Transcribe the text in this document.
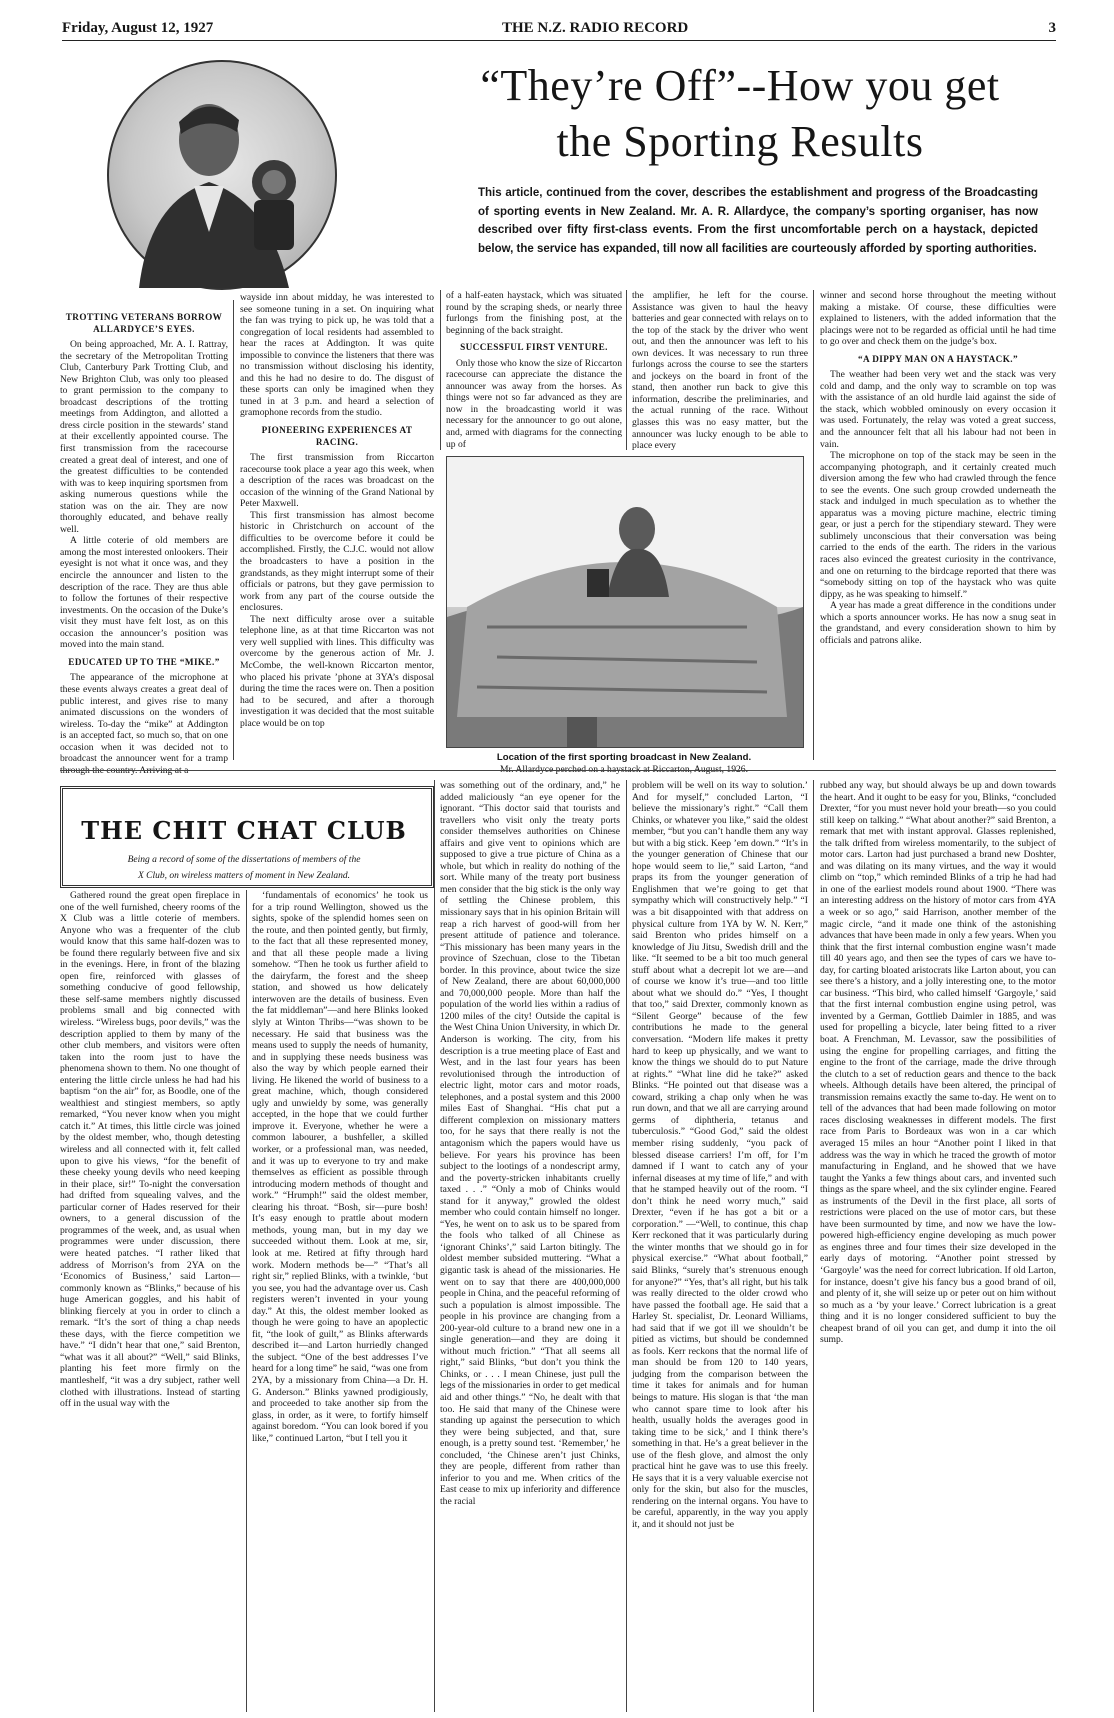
Friday, August 12, 1927	THE N.Z. RADIO RECORD	3
“They’re Off”--How you get
the Sporting Results
This article, continued from the cover, describes the establishment and progress of the Broadcasting of sporting events in New Zealand. Mr. A. R. Allardyce, the company’s sporting organiser, has now described over fifty first-class events. From the first uncomfortable perch on a haystack, depicted below, the service has expanded, till now all facilities are courteously afforded by sporting authorities.

TROTTING VETERANS BORROW ALLARDYCE’S EYES.

On being approached, Mr. A. I. Rattray, the secretary of the Metropolitan Trotting Club, Canterbury Park Trotting Club, and New Brighton Club, was only too pleased to grant permission to the company to broadcast descriptions of the trotting meetings from Addington, and allotted a dress circle position in the stewards’ stand at their excellently appointed course. The first transmission from the racecourse created a great deal of interest, and one of the greatest difficulties to be contended with was to keep inquiring sportsmen from asking numerous questions while the station was on the air. They are now thoroughly educated, and behave really well.

A little coterie of old members are among the most interested onlookers. Their eyesight is not what it once was, and they encircle the announcer and listen to the description of the race. They are thus able to follow the fortunes of their respective investments. On the occasion of the Duke’s visit they must have felt lost, as on this occasion the announcer’s position was moved into the main stand.

EDUCATED UP TO THE “MIKE.”

The appearance of the microphone at these events always creates a great deal of public interest, and gives rise to many animated discussions on the wonders of wireless. To-day the “mike” at Addington is an accepted fact, so much so, that on one occasion when it was decided not to broadcast the announcer went for a tramp through the country. Arriving at a

wayside inn about midday, he was interested to see someone tuning in a set. On inquiring what the fan was trying to pick up, he was told that a congregation of local residents had assembled to hear the races at Addington. It was quite impossible to convince the listeners that there was no transmission without disclosing his identity, and this he had no desire to do. The disgust of these sports can only be imagined when they tuned in at 3 p.m. and heard a selection of gramophone records from the studio.

PIONEERING EXPERIENCES AT RACING.

The first transmission from Riccarton racecourse took place a year ago this week, when a description of the races was broadcast on the occasion of the winning of the Grand National by Peter Maxwell.

This first transmission has almost become historic in Christchurch on account of the difficulties to be overcome before it could be accomplished. Firstly, the C.J.C. would not allow the broadcasters to have a position in the grandstands, as they might interrupt some of their officials or patrons, but they gave permission to work from any part of the course outside the enclosures.

The next difficulty arose over a suitable telephone line, as at that time Riccarton was not very well supplied with lines. This difficulty was overcome by the generous action of Mr. J. McCombe, the well-known Riccarton mentor, who placed his private ’phone at 3YA’s disposal during the time the races were on. Then a position had to be secured, and after a thorough investigation it was decided that the most suitable place would be on top

of a half-eaten haystack, which was situated round by the scraping sheds, or nearly three furlongs from the finishing post, at the beginning of the back straight.

SUCCESSFUL FIRST VENTURE.

Only those who know the size of Riccarton racecourse can appreciate the distance the announcer was away from the horses. As things were not so far advanced as they are now in the broadcasting world it was necessary for the announcer to go out alone, and, armed with diagrams for the connecting up of

the amplifier, he left for the course. Assistance was given to haul the heavy batteries and gear connected with relays on to the top of the stack by the driver who went out, and then the announcer was left to his own devices. It was necessary to run three furlongs across the course to see the starters and jockeys on the board in front of the stand, then another run back to give this information, describe the preliminaries, and the actual running of the race. Without glasses this was no easy matter, but the announcer was lucky enough to be able to place every

winner and second horse throughout the meeting without making a mistake. Of course, these difficulties were explained to listeners, with the added information that the placings were not to be regarded as official until he had time to go over and check them on the judge’s box.

“A DIPPY MAN ON A HAYSTACK.”

The weather had been very wet and the stack was very cold and damp, and the only way to scramble on top was with the assistance of an old hurdle laid against the side of the stack, which wobbled ominously on every occasion it was used. Fortunately, the relay was voted a great success, and the announcer felt that all his labour had not been in vain.

The microphone on top of the stack may be seen in the accompanying photograph, and it certainly created much diversion among the few who had crawled through the fence to see the events. One such group crowded underneath the stack and indulged in much speculation as to whether the apparatus was a moving picture machine, electric timing gear, or just a perch for the stipendiary steward. They were sublimely unconscious that their conversation was being carried to the ends of the earth. The riders in the various races also evinced the greatest curiosity in the contrivance, and one on returning to the birdcage reported that there was “somebody sitting on top of the haystack who was quite dippy, as he was speaking to himself.”

A year has made a great difference in the conditions under which a sports announcer works. He has now a snug seat in the grandstand, and every consideration shown to him by officials and patrons alike.

Location of the first sporting broadcast in New Zealand.
Mr. Allardyce perched on a haystack at Riccarton, August, 1926.
THE CHIT CHAT CLUB
Being a record of some of the dissertations of members of the
X Club, on wireless matters of moment in New Zealand.

Gathered round the great open fireplace in one of the well furnished, cheery rooms of the X Club was a little coterie of members. Anyone who was a frequenter of the club would know that this same half-dozen was to be found there regularly between five and six in the evenings. Here, in front of the blazing open fire, reinforced with glasses of something conducive of good fellowship, these self-same members nightly discussed problems small and big connected with wireless. “Wireless bugs, poor devils,” was the description applied to them by many of the other club members, and visitors were often taken into the room just to have the phenomena shown to them. No one thought of entering the little circle unless he had had his baptism “on the air” for, as Boodle, one of the wealthiest and stingiest members, so aptly remarked, “You never know when you might catch it.” At times, this little circle was joined by the oldest member, who, though detesting wireless and all connected with it, felt called upon to give his views, “for the benefit of these cheeky young devils who need keeping in their place, sir!” To-night the conversation had drifted from squealing valves, and the particular corner of Hades reserved for their owners, to a general discussion of the programmes of the week, and, as usual when programmes were under discussion, there were heated patches. “I rather liked that address of Morrison’s from 2YA on the ‘Economics of Business,’ said Larton—commonly known as “Blinks,” because of his huge American goggles, and his habit of blinking fiercely at you in order to clinch a remark. “It’s the sort of thing a chap needs these days, with the fierce competition we have.” “I didn’t hear that one,” said Brenton, “what was it all about?” “Well,” said Blinks, planting his feet more firmly on the mantleshelf, “it was a dry subject, rather well clothed with illustrations. Instead of starting off in the usual way with the

‘fundamentals of economics’ he took us for a trip round Wellington, showed us the sights, spoke of the splendid homes seen on the route, and then pointed gently, but firmly, to the fact that all these represented money, and that all these people made a living somehow. “Then he took us further afield to the dairyfarm, the forest and the sheep station, and showed us how delicately interwoven are the details of business. Even the fat middleman”—and here Blinks looked slyly at Winton Thribs—“was shown to be necessary. He said that business was the means used to supply the needs of humanity, and in supplying these needs business was also the way by which people earned their living. He likened the world of business to a great machine, which, though considered ugly and unwieldy by some, was generally accepted, in the hope that we could further improve it. Everyone, whether he were a common labourer, a bushfeller, a skilled worker, or a professional man, was needed, and it was up to everyone to try and make themselves as efficient as possible through introducing modern methods of thought and work.” “Hrumph!” said the oldest member, clearing his throat. “Bosh, sir—pure bosh! It’s easy enough to prattle about modern methods, young man, but in my day we succeeded without them. Look at me, sir, look at me. Retired at fifty through hard work. Modern methods be—” “That’s all right sir,” replied Blinks, with a twinkle, ‘but you see, you had the advantage over us. Cash registers weren’t invented in your young day.” At this, the oldest member looked as though he were going to have an apoplectic fit, “the look of guilt,” as Blinks afterwards described it—and Larton hurriedly changed the subject. “One of the best addresses I’ve heard for a long time” he said, “was one from 2YA, by a missionary from China—a Dr. H. G. Anderson.” Blinks yawned prodigiously, and proceeded to take another sip from the glass, in order, as it were, to fortify himself against boredom. “You can look bored if you like,” continued Larton, “but I tell you it

was something out of the ordinary, and,” he added maliciously “an eye opener for the ignorant. “This doctor said that tourists and travellers who visit only the treaty ports consider themselves authorities on Chinese affairs and give vent to opinions which are supposed to give a true picture of China as a whole, but which in reality do nothing of the sort. While many of the treaty port business men consider that the big stick is the only way of settling the Chinese problem, this missionary says that in his opinion Britain will reap a rich harvest of good-will from her present attitude of patience and tolerance. “This missionary has been many years in the province of Szechuan, close to the Tibetan border. In this province, about twice the size of New Zealand, there are about 60,000,000 and 70,000,000 people. More than half the population of the world lies within a radius of 1200 miles of the city! Outside the capital is the West China Union University, in which Dr. Anderson is working. The city, from his description is a true meeting place of East and West, and in the last four years has been revolutionised through the introduction of electric light, motor cars and motor roads, telephones, and a postal system and this 2000 miles East of Shanghai. “His chat put a different complexion on missionary matters too, for he says that there really is not the antagonism which the papers would have us believe. For years his province has been subject to the lootings of a nondescript army, and the poverty-stricken inhabitants cruelly taxed . . .” “Only a mob of Chinks would stand for it anyway,” growled the oldest member who could contain himself no longer. “Yes, he went on to ask us to be spared from the fools who talked of all Chinese as ‘ignorant Chinks’,” said Larton bitingly. The oldest member subsided muttering. “What a gigantic task is ahead of the missionaries. He went on to say that there are 400,000,000 people in China, and the peaceful reforming of such a population is almost impossible. The people in his province are changing from a 200-year-old culture to a brand new one in a single generation—and they are doing it without much friction.” “That all seems all right,” said Blinks, “but don’t you think the Chinks, or . . . I mean Chinese, just pull the legs of the missionaries in order to get medical aid and other things.” “No, he dealt with that too. He said that many of the Chinese were standing up against the persecution to which they were being subjected, and that, sure enough, is a pretty sound test. ‘Remember,’ he concluded, ‘the Chinese aren’t just Chinks, they are people, different from rather than inferior to you and me. When critics of the East cease to mix up inferiority and difference the racial

problem will be well on its way to solution.’ And for myself,” concluded Larton, “I believe the missionary’s right.” “Call them Chinks, or whatever you like,” said the oldest member, “but you can’t handle them any way but with a big stick. Keep ’em down.” “It’s in the younger generation of Chinese that our hope would seem to lie,” said Larton, “and praps its from the younger generation of Englishmen that we’re going to get that sympathy which will constructively help.” “I was a bit disappointed with that address on physical culture from 1YA by W. N. Kerr,” said Brenton who prides himself on a knowledge of Jiu Jitsu, Swedish drill and the like. “It seemed to be a bit too much general stuff about what a decrepit lot we are—and of course we know it’s true—and too little about what we should do.” “Yes, I thought that too,” said Drexter, commonly known as “Silent George” because of the few contributions he made to the general conversation. “Modern life makes it pretty hard to keep up physically, and we want to know the things we should do to put Nature at rights.” “What line did he take?” asked Blinks. “He pointed out that disease was a coward, striking a chap only when he was run down, and that we all are carrying around germs of diphtheria, tetanus and tuberculosis.” “Good God,” said the oldest member rising suddenly, “you pack of blessed disease carriers! I’m off, for I’m damned if I want to catch any of your infernal diseases at my time of life,” and with that he stamped heavily out of the room. “I don’t think he need worry much,” said Drexter, “even if he has got a bit or a corporation.” —“Well, to continue, this chap Kerr reckoned that it was particularly during the winter months that we should go in for physical exercise.” “What about football,” said Blinks, “surely that’s strenuous enough for anyone?” “Yes, that’s all right, but his talk was really directed to the older crowd who have passed the football age. He said that a Harley St. specialist, Dr. Leonard Williams, had said that if we got ill we shouldn’t be pitied as victims, but should be condemned as fools. Kerr reckons that the normal life of man should be from 120 to 140 years, judging from the comparison between the time it takes for animals and for human beings to mature. His slogan is that ‘the man who cannot spare time to look after his health, usually holds the averages good in taking time to be sick,’ and I think there’s something in that. He’s a great believer in the use of the flesh glove, and almost the only practical hint he gave was to use this freely. He says that it is a very valuable exercise not only for the skin, but also for the muscles, rendering on the internal organs. You have to be careful, apparently, in the way you apply it, and it should not just be

rubbed any way, but should always be up and down towards the heart. And it ought to be easy for you, Blinks, “concluded Drexter, “for you must never hold your breath—so you could still keep on talking.” “What about another?” said Brenton, a remark that met with instant approval. Glasses replenished, the talk drifted from wireless momentarily, to the subject of motor cars. Larton had just purchased a brand new Doshter, and was dilating on its many virtues, and the way it would climb on “top,” which reminded Blinks of a trip he had had in one of the earliest models round about 1900. “There was an interesting address on the history of motor cars from 4YA a week or so ago,” said Harrison, another member of the magic circle, “and it made one think of the astonishing advances that have been made in only a few years. When you think that the first internal combustion engine wasn’t made till 40 years ago, and then see the types of cars we have to-day, for carting bloated aristocrats like Larton about, you can see there’s a history, and a jolly interesting one, to the motor car business. “This bird, who called himself ‘Gargoyle,’ said that the first internal combustion engine using petrol, was invented by a German, Gottlieb Daimler in 1885, and was used for propelling a bicycle, later being fitted to a river boat. A Frenchman, M. Levassor, saw the possibilities of using the engine for propelling carriages, and fitting the engine to the front of the carriage, made the drive through the clutch to a set of reduction gears and thence to the back wheels. Although details have been altered, the principal of transmission remains exactly the same to-day. He went on to tell of the advances that had been made following on motor races disclosing weaknesses in different models. The first race from Paris to Bordeaux was won in a car which averaged 15 miles an hour “Another point I liked in that address was the way in which he traced the growth of motor manufacturing in England, and he showed that we have taught the Yanks a few things about cars, and invented such things as the spare wheel, and the six cylinder engine. Feared as instruments of the Devil in the first place, all sorts of restrictions were placed on the use of motor cars, but these have been surmounted by time, and now we have the low-powered high-efficiency engine developing as much power as engines three and four times their size developed in the early days of motoring. “Another point stressed by ‘Gargoyle’ was the need for correct lubrication. If old Larton, for instance, doesn’t give his fancy bus a good brand of oil, and plenty of it, she will seize up or peter out on him without so much as a ‘by your leave.’ Correct lubrication is a great thing and it is no longer considered sufficient to buy the cheapest brand of oil you can get, and dump it into the oil sump.
